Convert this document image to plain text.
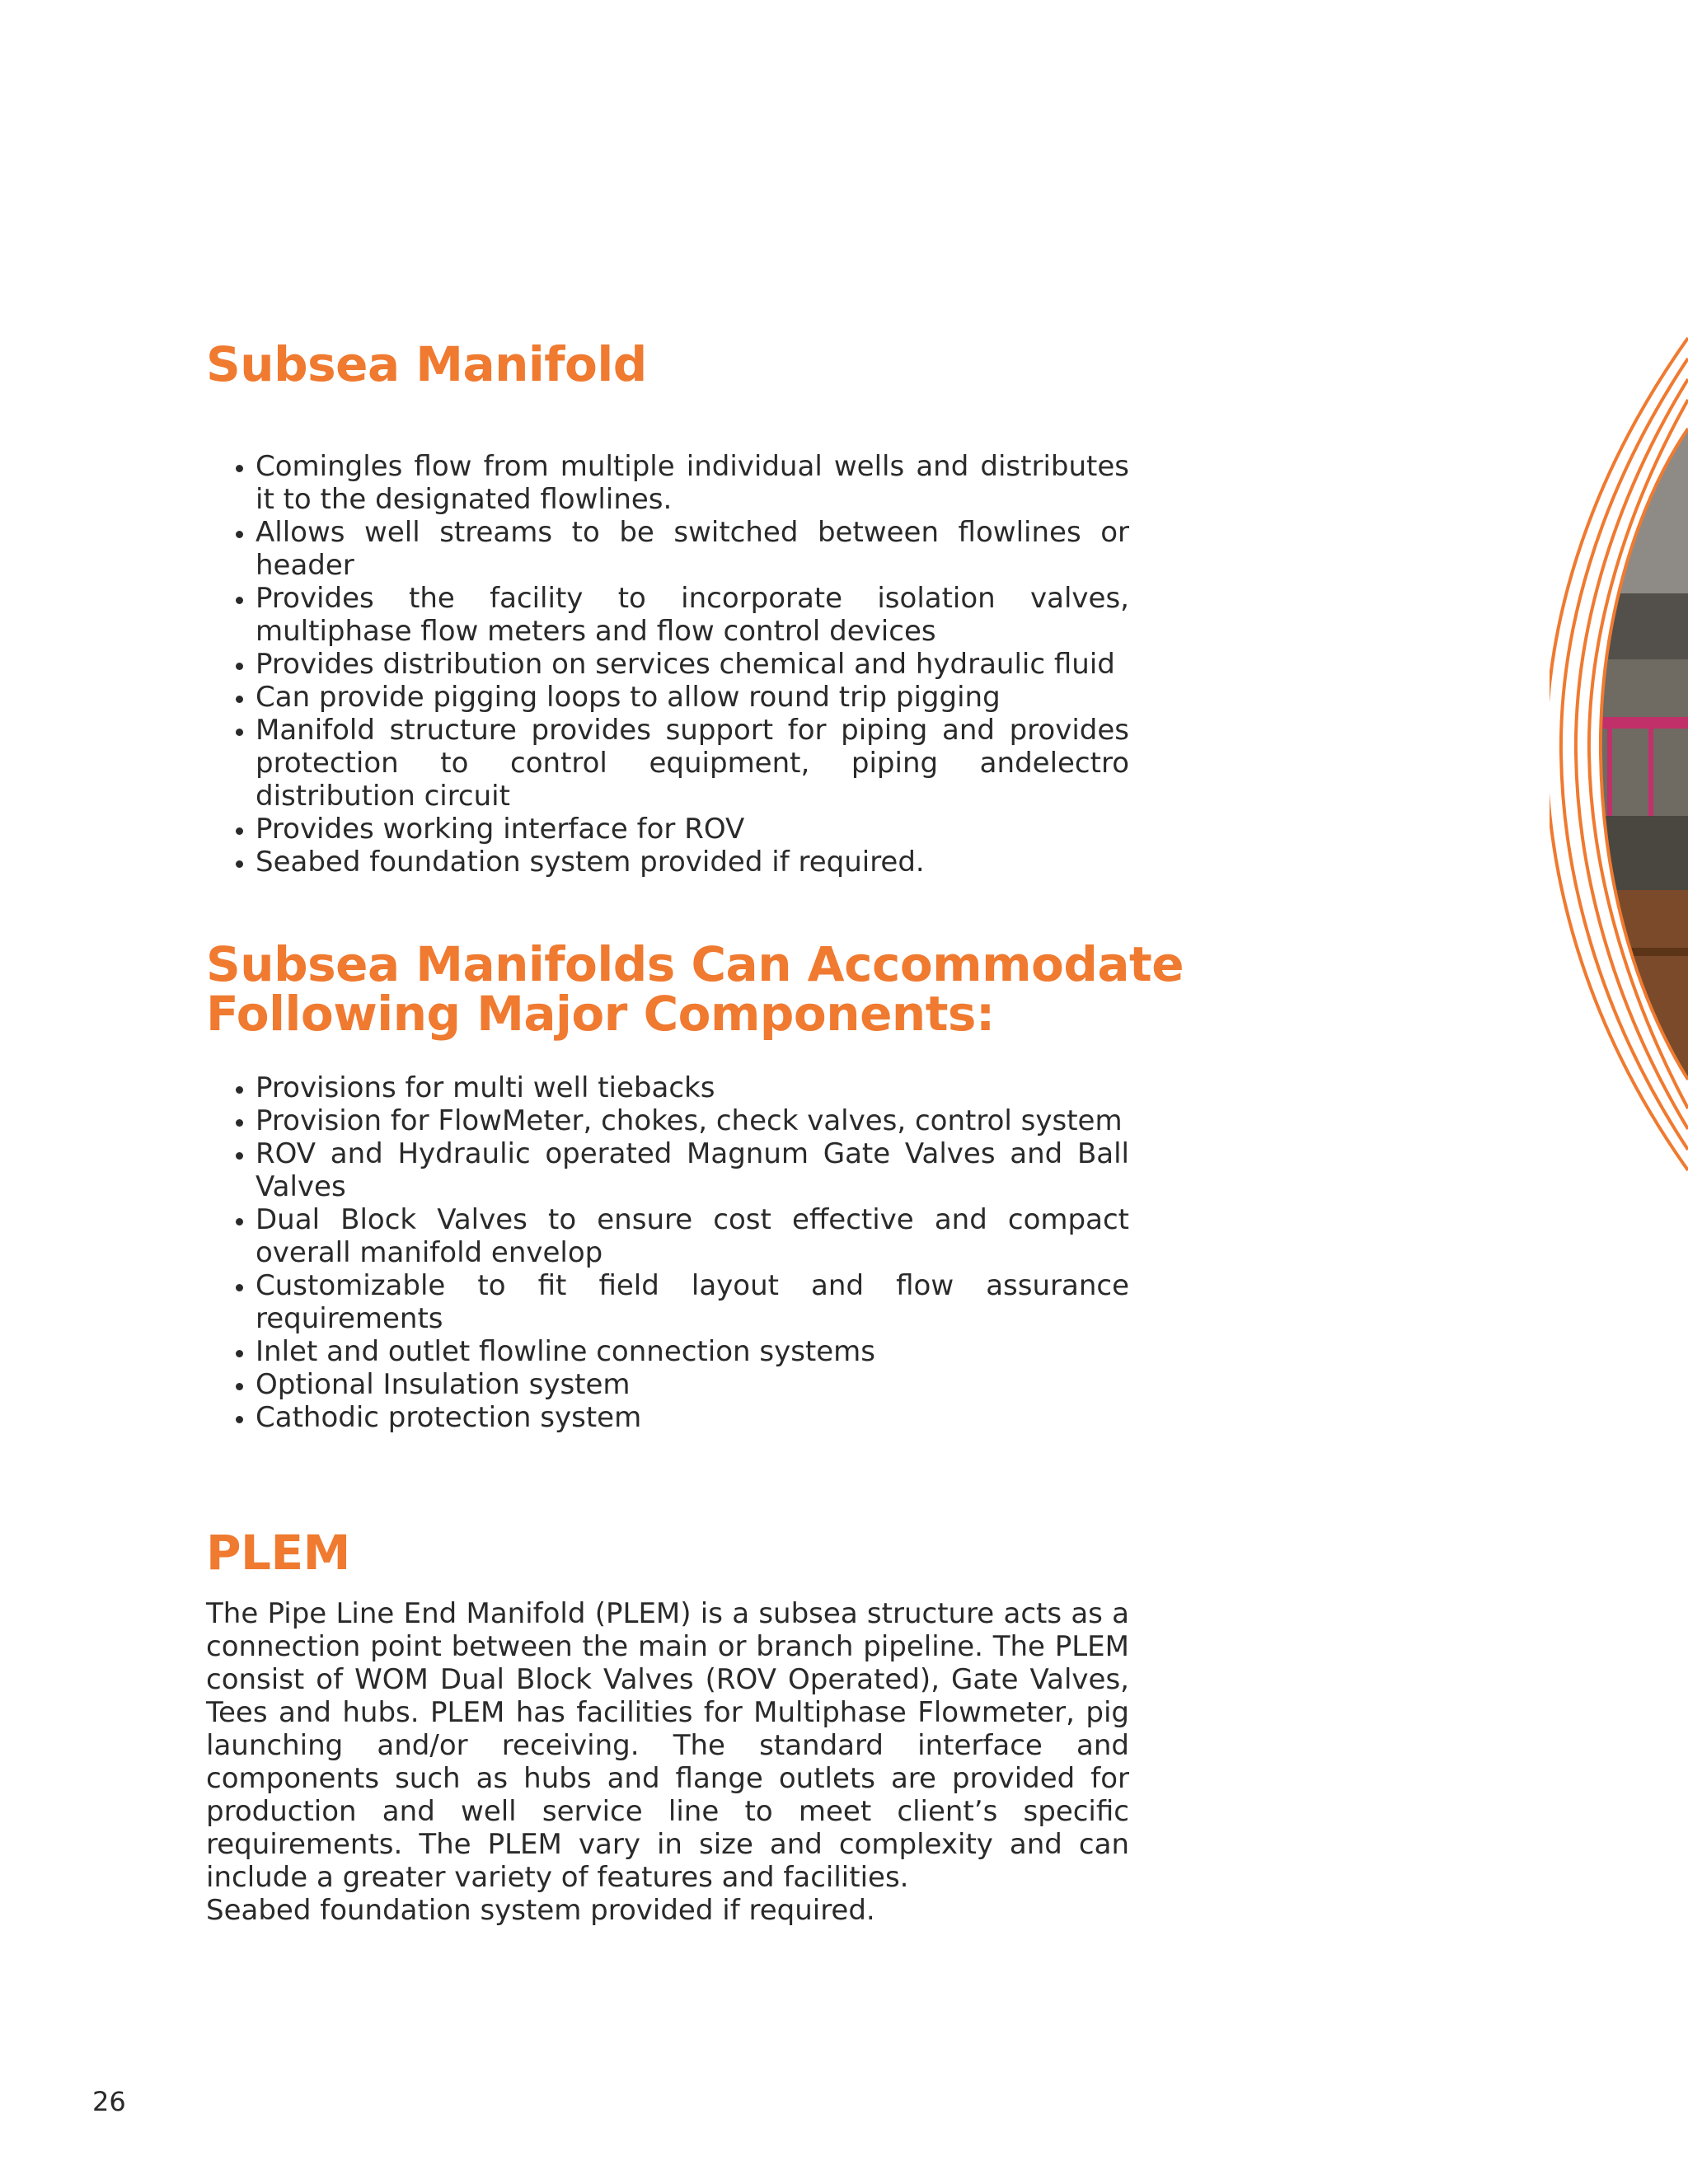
Subsea Manifold
Comingles flow from multiple individual wells and distributes it to the designated flowlines.
Allows well streams to be switched between flowlines or header
Provides the facility to incorporate isolation valves, multiphase flow meters and flow control devices
Provides distribution on services chemical and hydraulic fluid
Can provide pigging loops to allow round trip pigging
Manifold structure provides support for piping and provides protection to control equipment, piping andelectro distribution circuit
Provides working interface for ROV
Seabed foundation system provided if required.
Subsea Manifolds Can Accommodate
Following Major Components:
Provisions for multi well tiebacks
Provision for FlowMeter, chokes, check valves, control system
ROV and Hydraulic operated Magnum Gate Valves and Ball Valves
Dual Block Valves to ensure cost effective and compact overall manifold envelop
Customizable to fit field layout and flow assurance requirements
Inlet and outlet flowline connection systems
Optional Insulation system
Cathodic protection system
PLEM

The Pipe Line End Manifold (PLEM) is a subsea structure acts as a connection point between the main or branch pipeline. The PLEM consist of WOM Dual Block Valves (ROV Operated), Gate Valves, Tees and hubs. PLEM has facilities for Multiphase Flowmeter, pig launching and/or receiving. The standard interface and components such as hubs and flange outlets are provided for production and well service line to meet client’s specific requirements. The PLEM vary in size and complexity and can include a greater variety of features and facilities.

Seabed foundation system provided if required.

26
